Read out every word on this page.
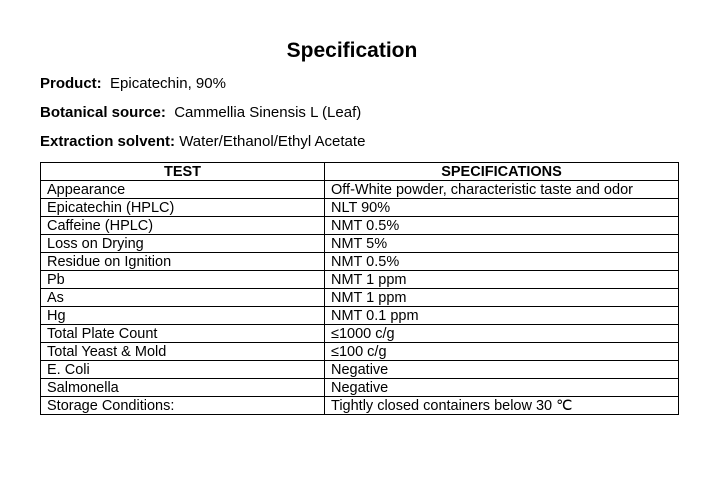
Specification
Product: Epicatechin, 90%
Botanical source: Cammellia Sinensis L (Leaf)
Extraction solvent: Water/Ethanol/Ethyl Acetate
TEST	SPECIFICATIONS
Appearance	Off-White powder, characteristic taste and odor
Epicatechin (HPLC)	NLT 90%
Caffeine (HPLC)	NMT 0.5%
Loss on Drying	NMT 5%
Residue on Ignition	NMT 0.5%
Pb	NMT 1 ppm
As	NMT 1 ppm
Hg	NMT 0.1 ppm
Total Plate Count	≤1000 c/g
Total Yeast & Mold	≤100 c/g
E. Coli	Negative
Salmonella	Negative
Storage Conditions:	Tightly closed containers below 30 ℃
